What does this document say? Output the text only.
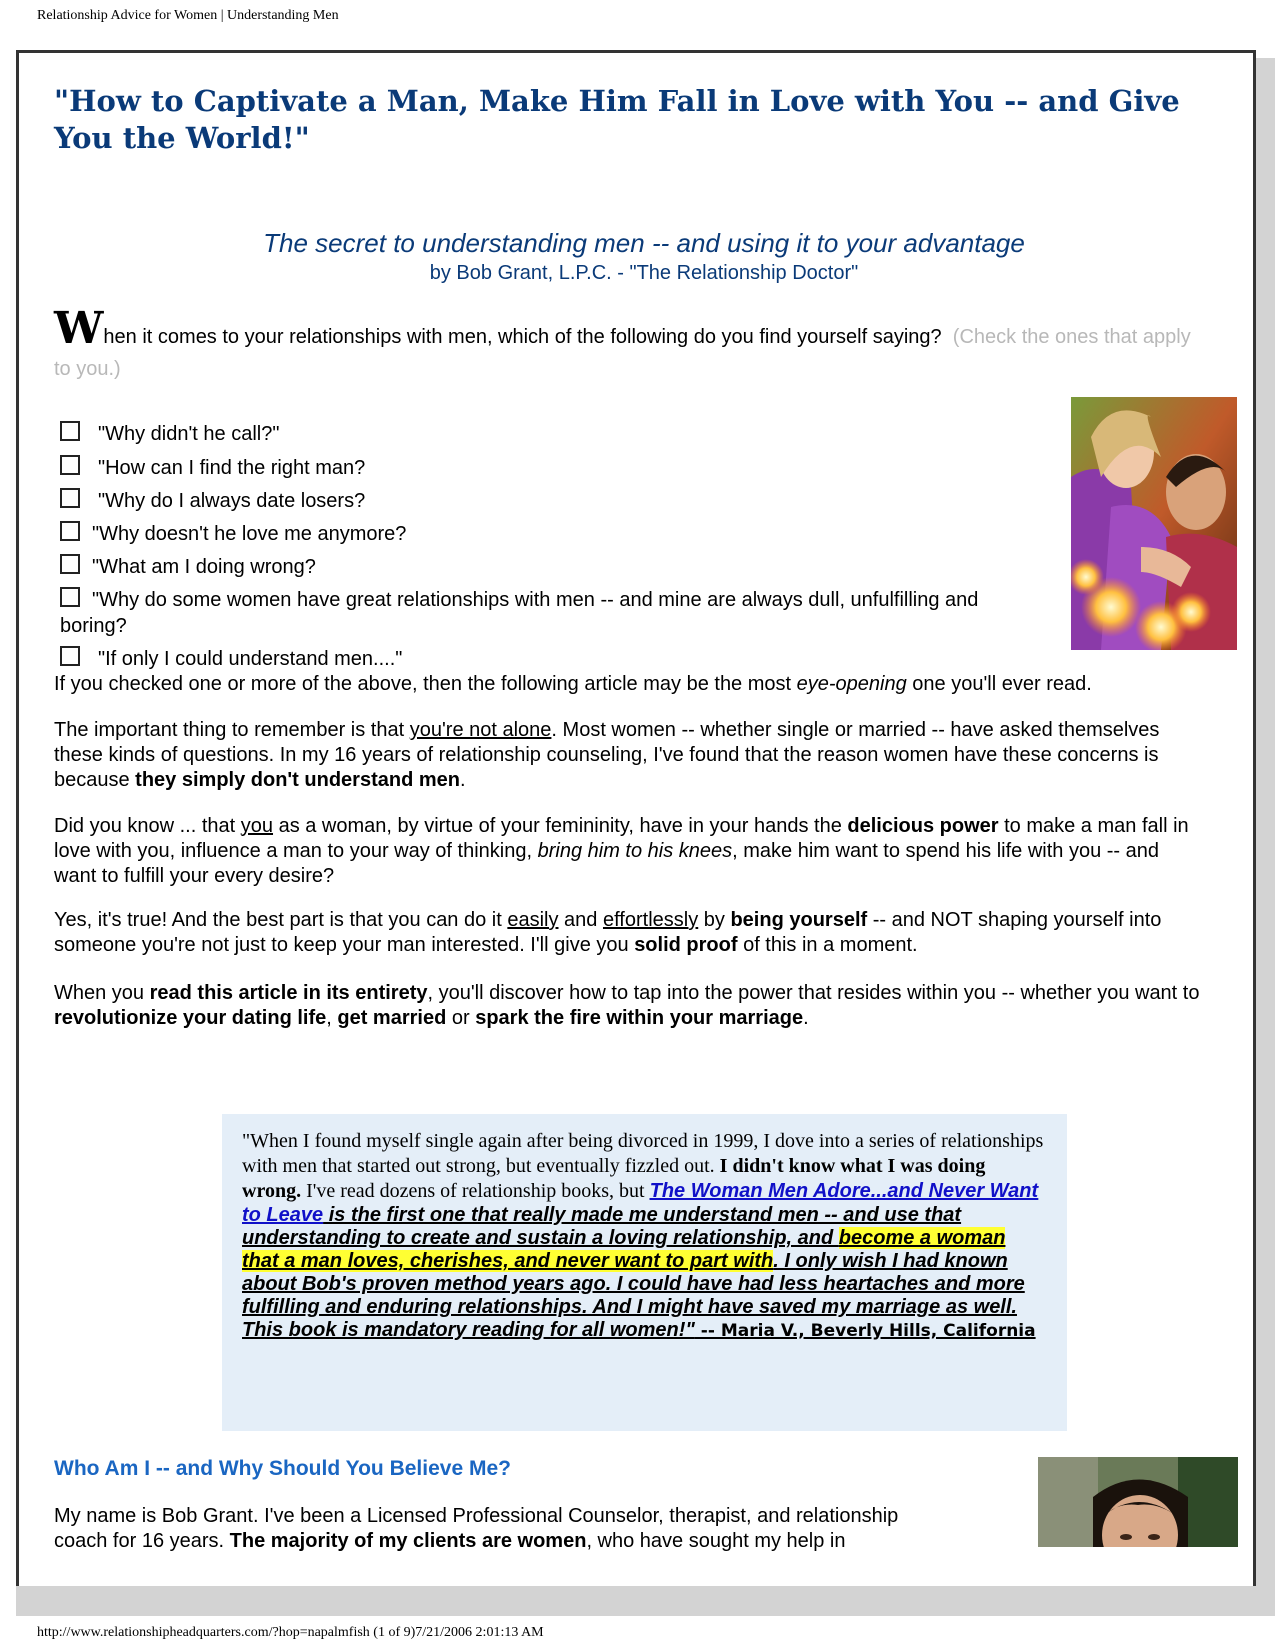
Relationship Advice for Women | Understanding Men
"How to Captivate a Man, Make Him Fall in Love with You -- and Give You the World!"
The secret to understanding men -- and using it to your advantage
by Bob Grant, L.P.C. - "The Relationship Doctor"
When it comes to your relationships with men, which of the following do you find yourself saying? (Check the ones that apply to you.)
"Why didn't he call?"
"How can I find the right man?
"Why do I always date losers?
"Why doesn't he love me anymore?
"What am I doing wrong?
"Why do some women have great relationships with men -- and mine are always dull, unfulfilling and boring?
"If only I could understand men...."

If you checked one or more of the above, then the following article may be the most eye-opening one you'll ever read.

The important thing to remember is that you're not alone. Most women -- whether single or married -- have asked themselves these kinds of questions. In my 16 years of relationship counseling, I've found that the reason women have these concerns is because they simply don't understand men.

Did you know ... that you as a woman, by virtue of your femininity, have in your hands the delicious power to make a man fall in love with you, influence a man to your way of thinking, bring him to his knees, make him want to spend his life with you -- and want to fulfill your every desire?

Yes, it's true! And the best part is that you can do it easily and effortlessly by being yourself -- and NOT shaping yourself into someone you're not just to keep your man interested. I'll give you solid proof of this in a moment.

When you read this article in its entirety, you'll discover how to tap into the power that resides within you -- whether you want to revolutionize your dating life, get married or spark the fire within your marriage.

"When I found myself single again after being divorced in 1999, I dove into a series of relationships with men that started out strong, but eventually fizzled out. I didn't know what I was doing wrong. I've read dozens of relationship books, but The Woman Men Adore...and Never Want to Leave is the first one that really made me understand men -- and use that understanding to create and sustain a loving relationship, and become a woman that a man loves, cherishes, and never want to part with. I only wish I had known about Bob's proven method years ago. I could have had less heartaches and more fulfilling and enduring relationships. And I might have saved my marriage as well. This book is mandatory reading for all women!" -- Maria V., Beverly Hills, California
Who Am I -- and Why Should You Believe Me?

My name is Bob Grant. I've been a Licensed Professional Counselor, therapist, and relationship coach for 16 years. The majority of my clients are women, who have sought my help in

http://www.relationshipheadquarters.com/?hop=napalmfish (1 of 9)7/21/2006 2:01:13 AM
